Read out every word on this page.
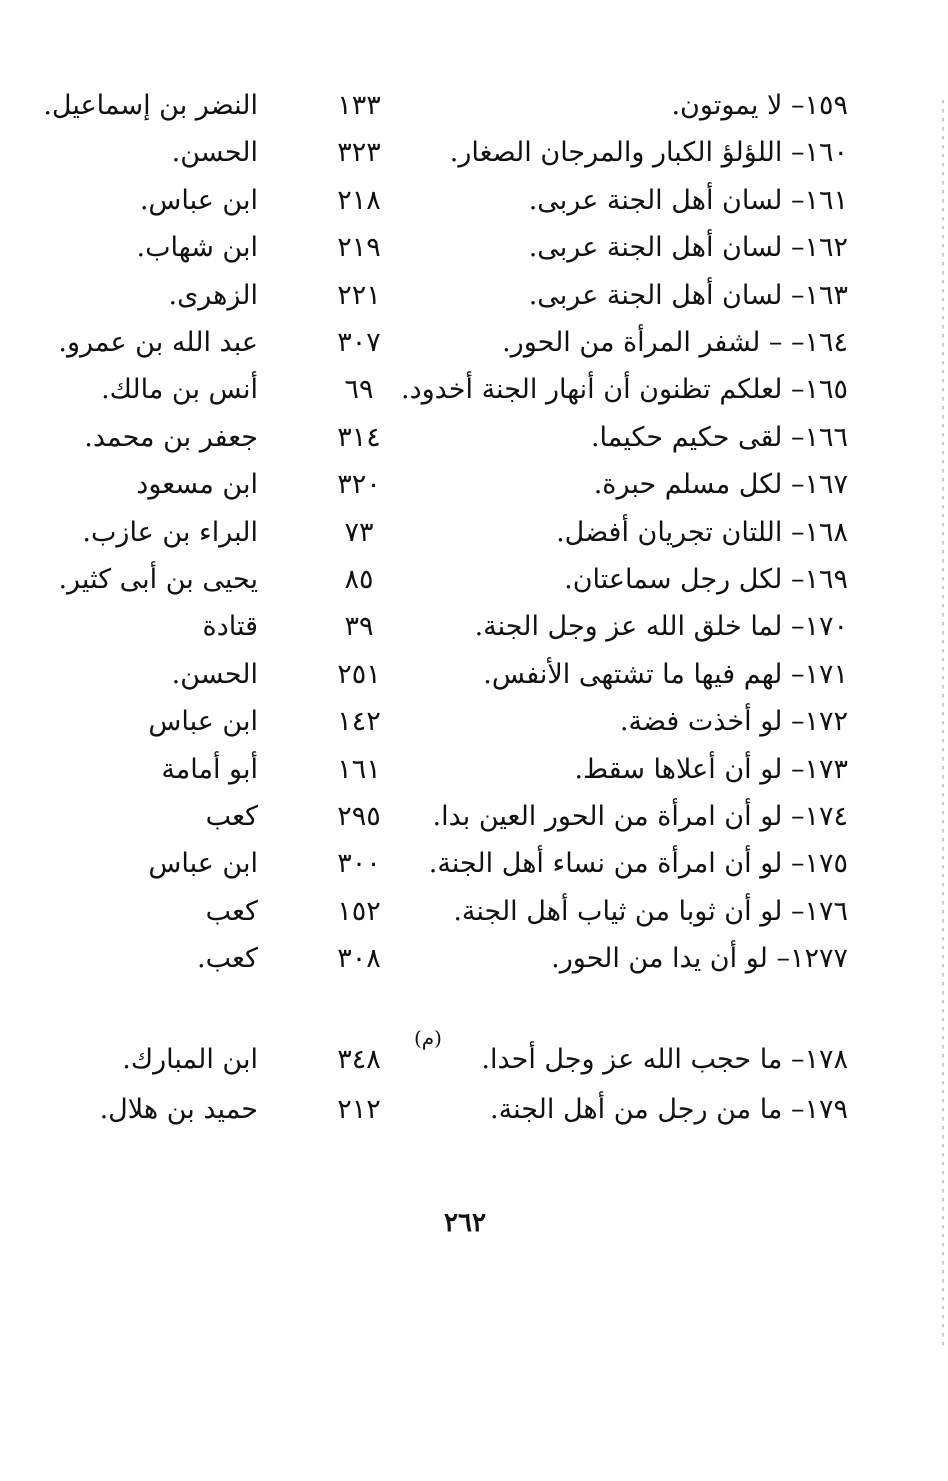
١٥٩– لا يموتون.
١٣٣
النضر بن إسماعيل.
١٦٠– اللؤلؤ الكبار والمرجان الصغار.
٣٢٣
الحسن.
١٦١– لسان أهل الجنة عربى.
٢١٨
ابن عباس.
١٦٢– لسان أهل الجنة عربى.
٢١٩
ابن شهاب.
١٦٣– لسان أهل الجنة عربى.
٢٢١
الزهرى.
١٦٤– – لشفر المرأة من الحور.
٣٠٧
عبد الله بن عمرو.
١٦٥– لعلكم تظنون أن أنهار الجنة أخدود.
٦٩
أنس بن مالك.
١٦٦– لقى حكيم حكيما.
٣١٤
جعفر بن محمد.
١٦٧– لكل مسلم حبرة.
٣٢٠
ابن مسعود
١٦٨– اللتان تجريان أفضل.
٧٣
البراء بن عازب.
١٦٩– لكل رجل سماعتان.
٨٥
يحيى بن أبى كثير.
١٧٠– لما خلق الله عز وجل الجنة.
٣٩
قتادة
١٧١– لهم فيها ما تشتهى الأنفس.
٢٥١
الحسن.
١٧٢– لو أخذت فضة.
١٤٢
ابن عباس
١٧٣– لو أن أعلاها سقط.
١٦١
أبو أمامة
١٧٤– لو أن امرأة من الحور العين بدا.
٢٩٥
كعب
١٧٥– لو أن امرأة من نساء أهل الجنة.
٣٠٠
ابن عباس
١٧٦– لو أن ثوبا من ثياب أهل الجنة.
١٥٢
كعب
١٢٧٧– لو أن يدا من الحور.
٣٠٨
كعب.
(م)
١٧٨– ما حجب الله عز وجل أحدا.
٣٤٨
ابن المبارك.
١٧٩– ما من رجل من أهل الجنة.
٢١٢
حميد بن هلال.
٢٦٢
